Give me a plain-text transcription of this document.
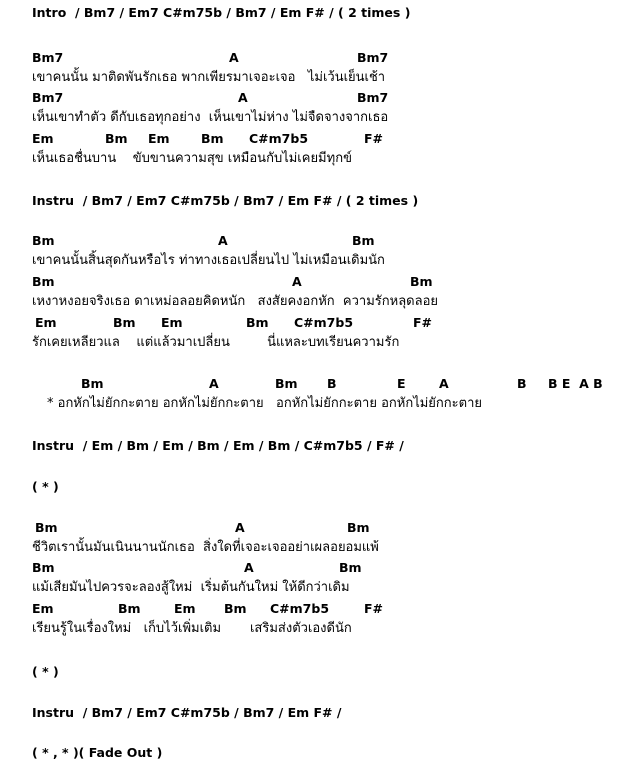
Intro  / Bm7 / Em7 C#m75b / Bm7 / Em F# / ( 2 times )
Bm7	A	Bm7
เขาคนนั้น มาติดพันรักเธอ พากเพียรมาเจอะเจอ   ไม่เว้นเย็นเช้า
Bm7	A	Bm7
เห็นเขาทำตัว ดีกับเธอทุกอย่าง  เห็นเขาไม่ห่าง ไม่จืดจางจากเธอ
Em	Bm Em	Bm C#m7b5	F#
เห็นเธอชื่นบาน    ขับขานความสุข เหมือนกับไม่เคยมีทุกข์
Instru  / Bm7 / Em7 C#m75b / Bm7 / Em F# / ( 2 times )
Bm	A	Bm
เขาคนนั้นสิ้นสุดกันหรือไร ท่าทางเธอเปลี่ยนไป ไม่เหมือนเดิมนัก
Bm	A	Bm
เหงาหงอยจริงเธอ ดาเหม่อลอยคิดหนัก   สงสัยคงอกหัก  ความรักหลุดลอย
Em	Bm Em	Bm C#m7b5	F#
รักเคยเหลียวแล    แต่แล้วมาเปลี่ยน         นี่แหละบทเรียนความรัก
Bm	A	Bm B	E	A	B B E  A B
* อกหักไม่ยักกะตาย อกหักไม่ยักกะตาย   อกหักไม่ยักกะตาย อกหักไม่ยักกะตาย
Instru  / Em / Bm / Em / Bm / Em / Bm / C#m7b5 / F# /
( * )
Bm	A	Bm
ชีวิตเรานั้นมันเนินนานนักเธอ  สิ่งใดที่เจอะเจออย่าเผลอยอมแพ้
Bm	A	Bm
แม้เสียมันไปควรจะลองสู้ใหม่  เริ่มต้นกันใหม่ ให้ดีกว่าเดิม
Em	Bm	Em Bm C#m7b5	F#
เรียนรู้ในเรื่องใหม่   เก็บไว้เพิ่มเติม       เสริมส่งตัวเองดีนัก
( * )
Instru  / Bm7 / Em7 C#m75b / Bm7 / Em F# /
( * , * )( Fade Out )
